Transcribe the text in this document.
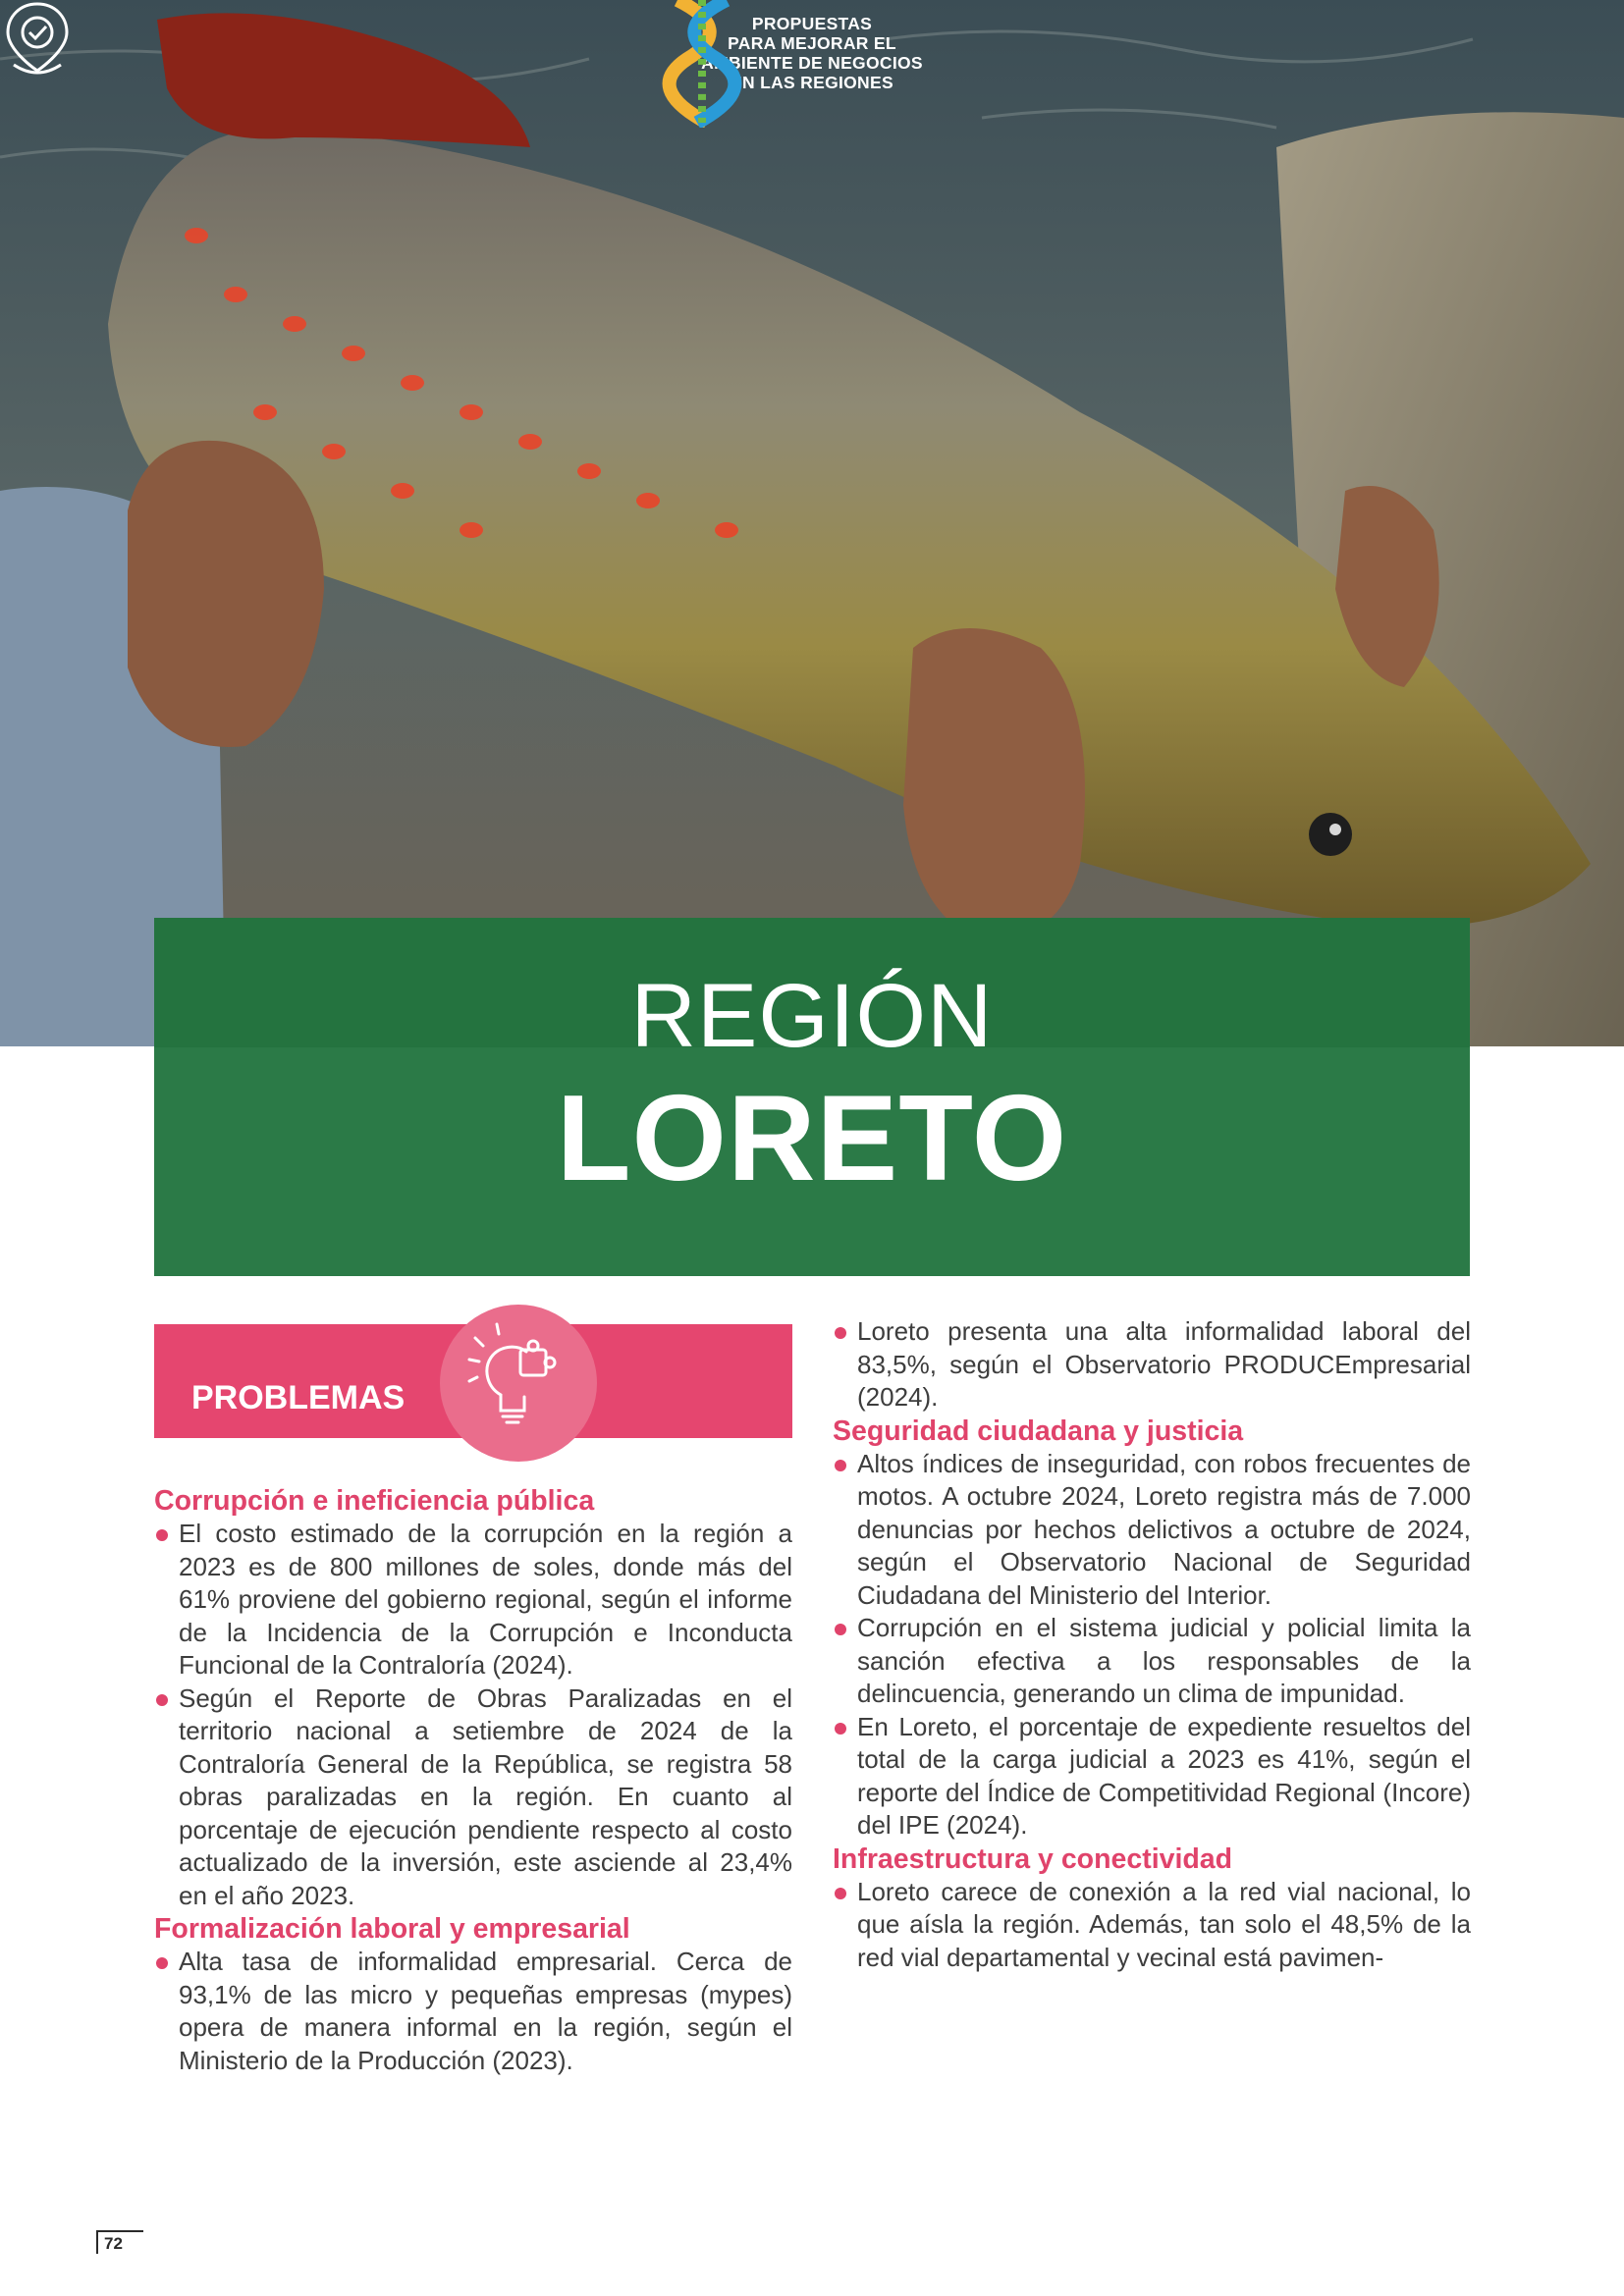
PROPUESTAS
PARA MEJORAR EL
AMBIENTE DE NEGOCIOS
EN LAS REGIONES
REGIÓN
LORETO
PROBLEMAS
Corrupción e ineficiencia pública
El costo estimado de la corrupción en la región a 2023 es de 800 millones de soles, donde más del 61% proviene del gobierno regional, según el informe de la Incidencia de la Corrupción e Inconducta Funcional de la Contraloría (2024).
Según el Reporte de Obras Paralizadas en el territorio nacional a setiembre de 2024 de la Contraloría General de la República, se registra 58 obras paralizadas en la región. En cuanto al porcentaje de ejecución pendiente respecto al costo actualizado de la inversión, este asciende al 23,4% en el año 2023.
Formalización laboral y empresarial
Alta tasa de informalidad empresarial. Cerca de 93,1% de las micro y pequeñas empresas (mypes) opera de manera informal en la región, según el Ministerio de la Producción (2023).
Loreto presenta una alta informalidad laboral del 83,5%, según el Observatorio PRODUCEmpresarial (2024).
Seguridad ciudadana y justicia
Altos índices de inseguridad, con robos frecuentes de motos. A octubre 2024, Loreto registra más de 7.000 denuncias por hechos delictivos a octubre de 2024, según el Observatorio Nacional de Seguridad Ciudadana del Ministerio del Interior.
Corrupción en el sistema judicial y policial limita la sanción efectiva a los responsables de la delincuencia, generando un clima de impunidad.
En Loreto, el porcentaje de expediente resueltos del total de la carga judicial a 2023 es 41%, según el reporte del Índice de Competitividad Regional (Incore) del IPE (2024).
Infraestructura y conectividad
Loreto carece de conexión a la red vial nacional, lo que aísla la región. Además, tan solo el 48,5% de la red vial departamental y vecinal está pavimen-
72
